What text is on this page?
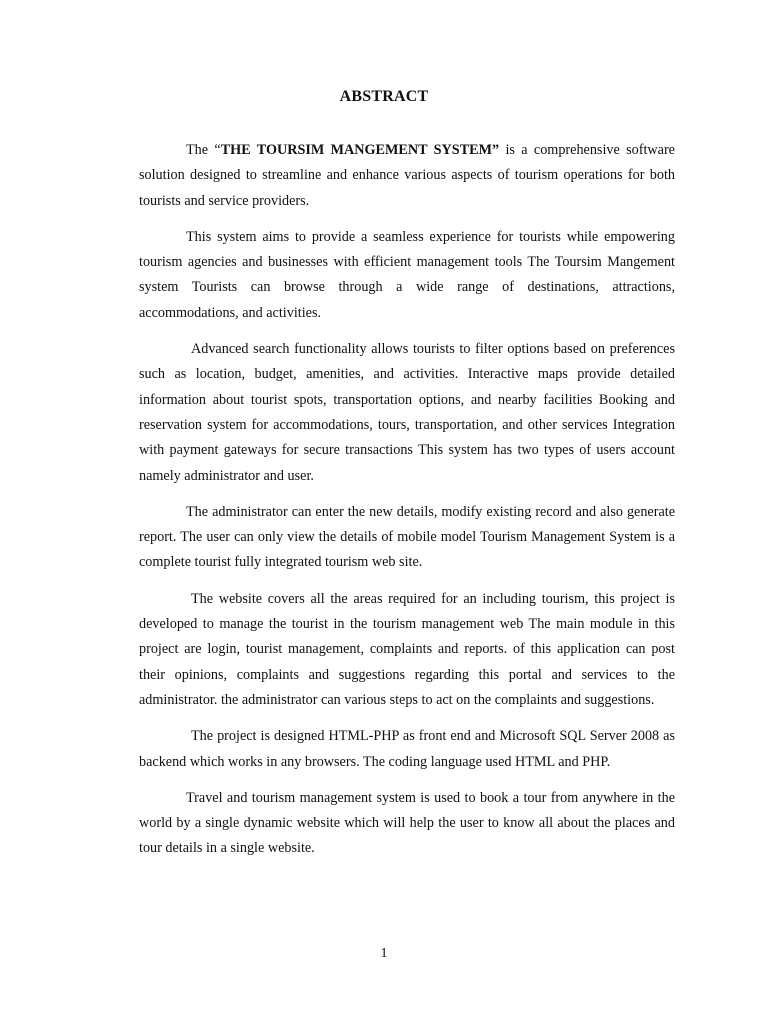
ABSTRACT

The “THE TOURSIM MANGEMENT SYSTEM” is a comprehensive software solution designed to streamline and enhance various aspects of tourism operations for both tourists and service providers.

This system aims to provide a seamless experience for tourists while empowering tourism agencies and businesses with efficient management tools The Toursim Mangement system Tourists can browse through a wide range of destinations, attractions, accommodations, and activities.

Advanced search functionality allows tourists to filter options based on preferences such as location, budget, amenities, and activities. Interactive maps provide detailed information about tourist spots, transportation options, and nearby facilities Booking and reservation system for accommodations, tours, transportation, and other services Integration with payment gateways for secure transactions This system has two types of users account namely administrator and user.

The administrator can enter the new details, modify existing record and also generate report. The user can only view the details of mobile model Tourism Management System is a complete tourist fully integrated tourism web site.

The website covers all the areas required for an including tourism, this project is developed to manage the tourist in the tourism management web The main module in this project are login, tourist management, complaints and reports. of this application can post their opinions, complaints and suggestions regarding this portal and services to the administrator. the administrator can various steps to act on the complaints and suggestions.

The project is designed HTML-PHP as front end and Microsoft SQL Server 2008 as backend which works in any browsers. The coding language used HTML and PHP.

Travel and tourism management system is used to book a tour from anywhere in the world by a single dynamic website which will help the user to know all about the places and tour details in a single website.

1
